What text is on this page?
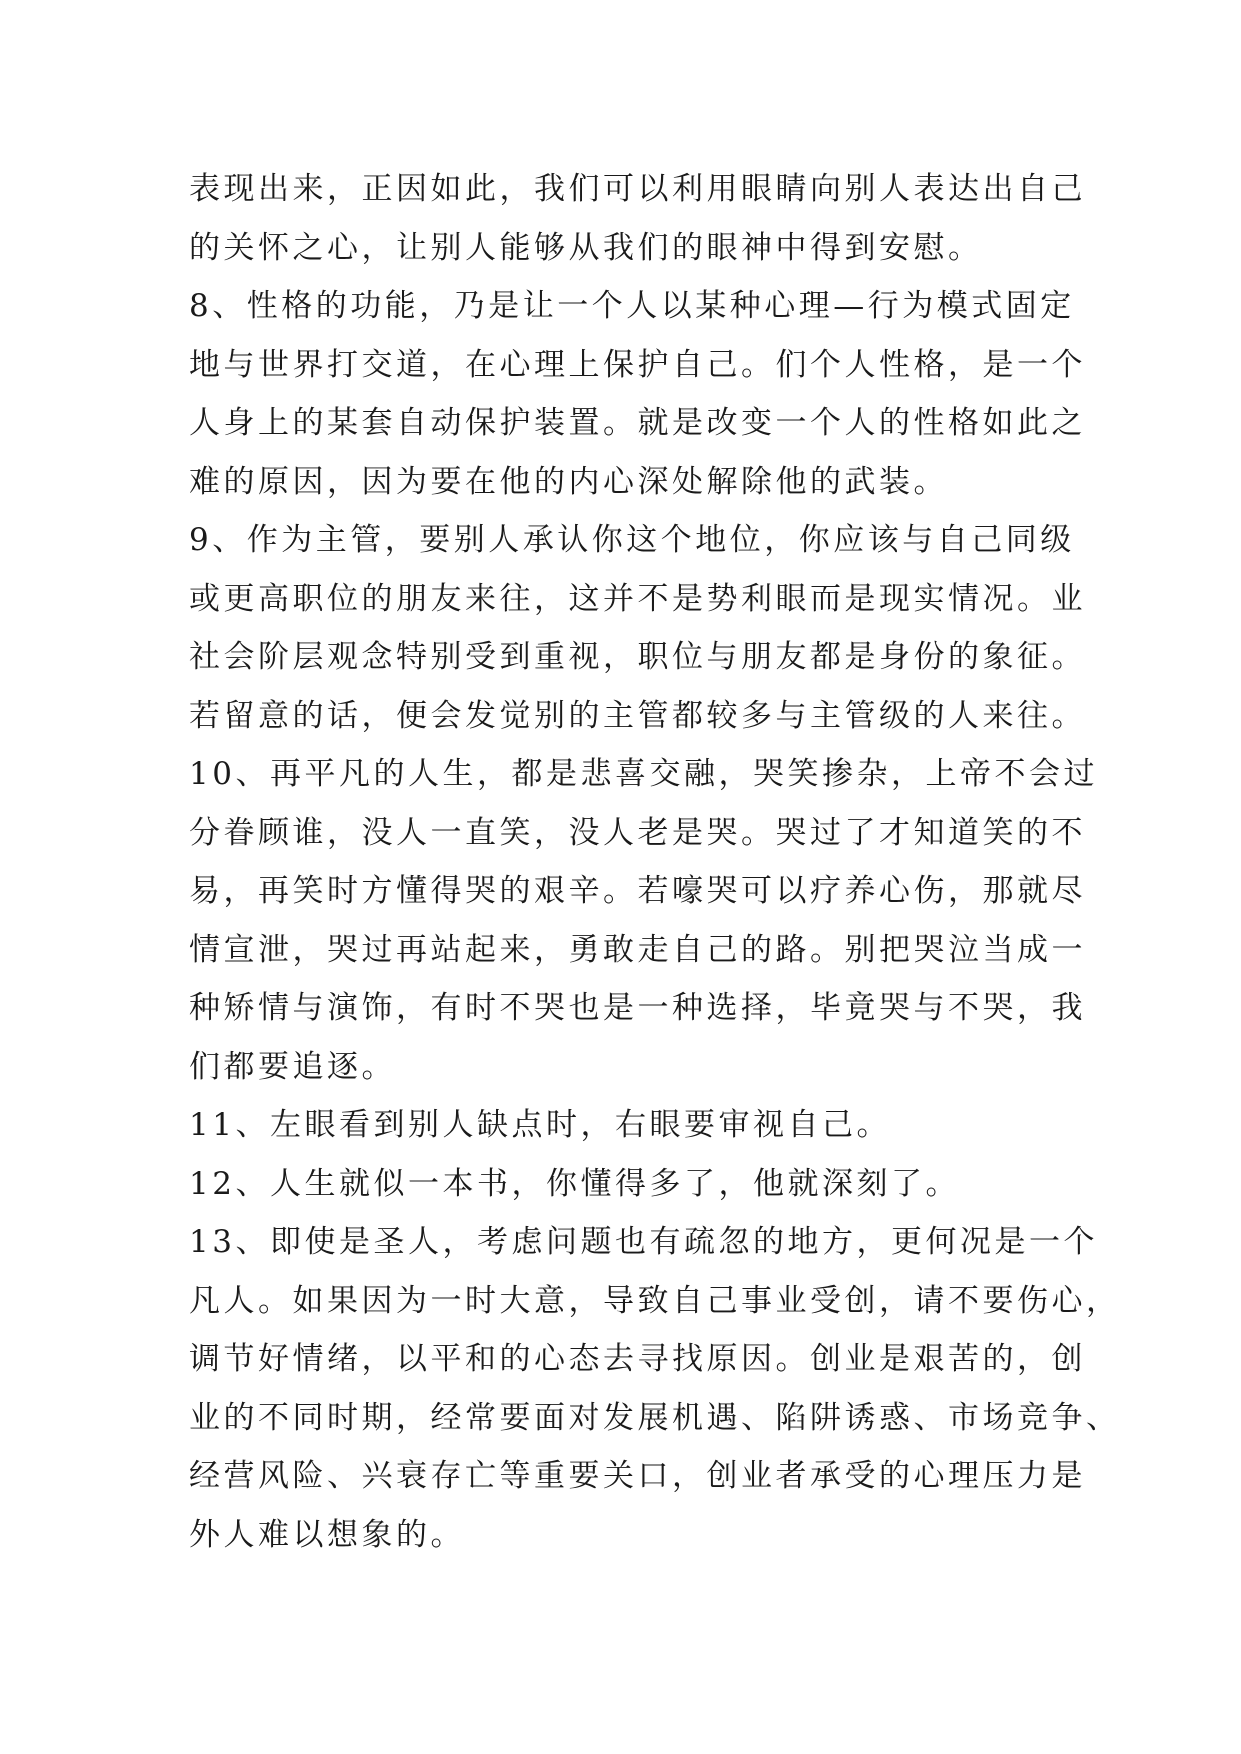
表现出来，正因如此，我们可以利用眼睛向别人表达出自己
的关怀之心，让别人能够从我们的眼神中得到安慰。
8、性格的功能，乃是让一个人以某种心理—行为模式固定
地与世界打交道，在心理上保护自己。们个人性格，是一个
人身上的某套自动保护装置。就是改变一个人的性格如此之
难的原因，因为要在他的内心深处解除他的武装。
9、作为主管，要别人承认你这个地位，你应该与自己同级
或更高职位的朋友来往，这并不是势利眼而是现实情况。业
社会阶层观念特别受到重视，职位与朋友都是身份的象征。
若留意的话，便会发觉别的主管都较多与主管级的人来往。
10、再平凡的人生，都是悲喜交融，哭笑掺杂，上帝不会过
分眷顾谁，没人一直笑，没人老是哭。哭过了才知道笑的不
易，再笑时方懂得哭的艰辛。若嚎哭可以疗养心伤，那就尽
情宣泄，哭过再站起来，勇敢走自己的路。别把哭泣当成一
种矫情与演饰，有时不哭也是一种选择，毕竟哭与不哭，我
们都要追逐。
11、左眼看到别人缺点时，右眼要审视自己。
12、人生就似一本书，你懂得多了，他就深刻了。
13、即使是圣人，考虑问题也有疏忽的地方，更何况是一个
凡人。如果因为一时大意，导致自己事业受创，请不要伤心，
调节好情绪，以平和的心态去寻找原因。创业是艰苦的，创
业的不同时期，经常要面对发展机遇、陷阱诱惑、市场竞争、
经营风险、兴衰存亡等重要关口，创业者承受的心理压力是
外人难以想象的。
